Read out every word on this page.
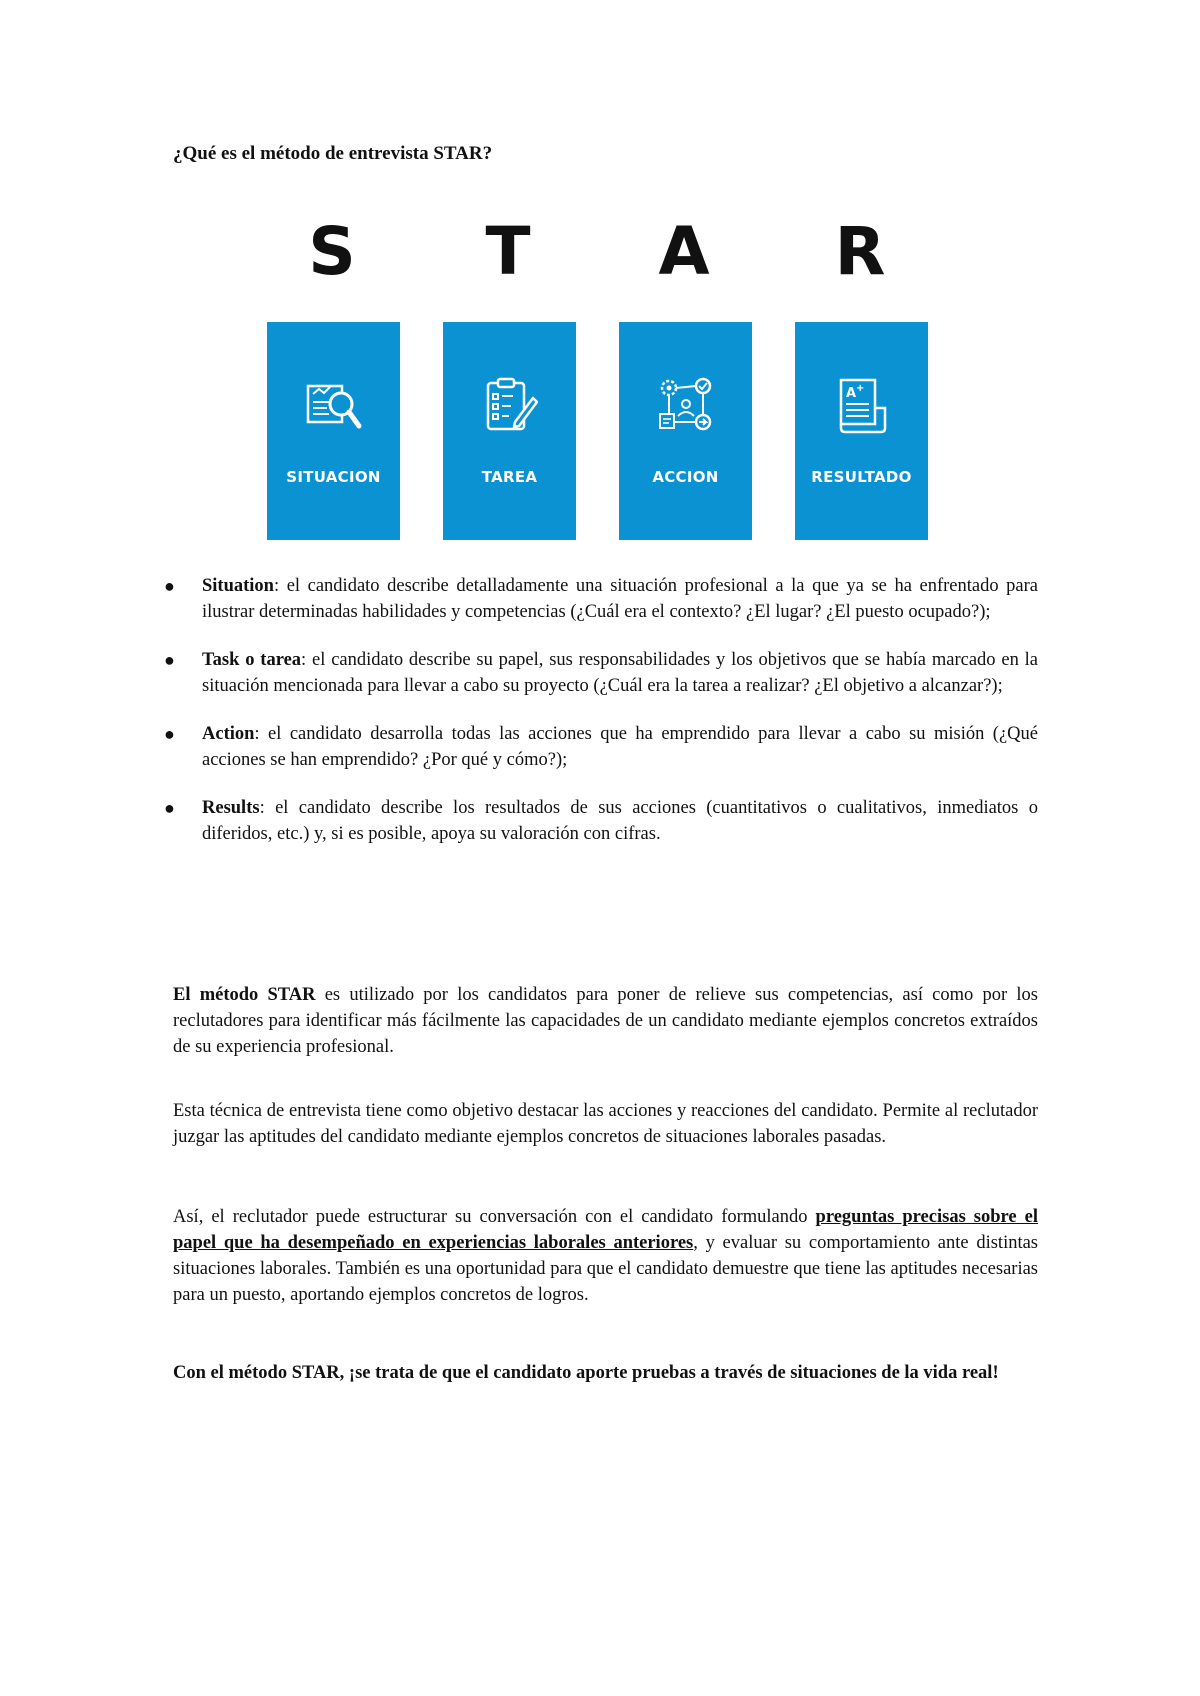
¿Qué es el método de entrevista STAR?
S	T	A	R
SITUACION	TAREA	ACCION
A +
RESULTADO
● Situation: el candidato describe detalladamente una situación profesional a la que ya se ha enfrentado para ilustrar determinadas habilidades y competencias (¿Cuál era el contexto? ¿El lugar? ¿El puesto ocupado?);
● Task o tarea: el candidato describe su papel, sus responsabilidades y los objetivos que se había marcado en la situación mencionada para llevar a cabo su proyecto (¿Cuál era la tarea a realizar? ¿El objetivo a alcanzar?);
● Action: el candidato desarrolla todas las acciones que ha emprendido para llevar a cabo su misión (¿Qué acciones se han emprendido? ¿Por qué y cómo?);
● Results: el candidato describe los resultados de sus acciones (cuantitativos o cualitativos, inmediatos o diferidos, etc.) y, si es posible, apoya su valoración con cifras.

El método STAR es utilizado por los candidatos para poner de relieve sus competencias, así como por los reclutadores para identificar más fácilmente las capacidades de un candidato mediante ejemplos concretos extraídos de su experiencia profesional.

Esta técnica de entrevista tiene como objetivo destacar las acciones y reacciones del candidato. Permite al reclutador juzgar las aptitudes del candidato mediante ejemplos concretos de situaciones laborales pasadas.

Así, el reclutador puede estructurar su conversación con el candidato formulando preguntas precisas sobre el papel que ha desempeñado en experiencias laborales anteriores, y evaluar su comportamiento ante distintas situaciones laborales. También es una oportunidad para que el candidato demuestre que tiene las aptitudes necesarias para un puesto, aportando ejemplos concretos de logros.

Con el método STAR, ¡se trata de que el candidato aporte pruebas a través de situaciones de la vida real!
